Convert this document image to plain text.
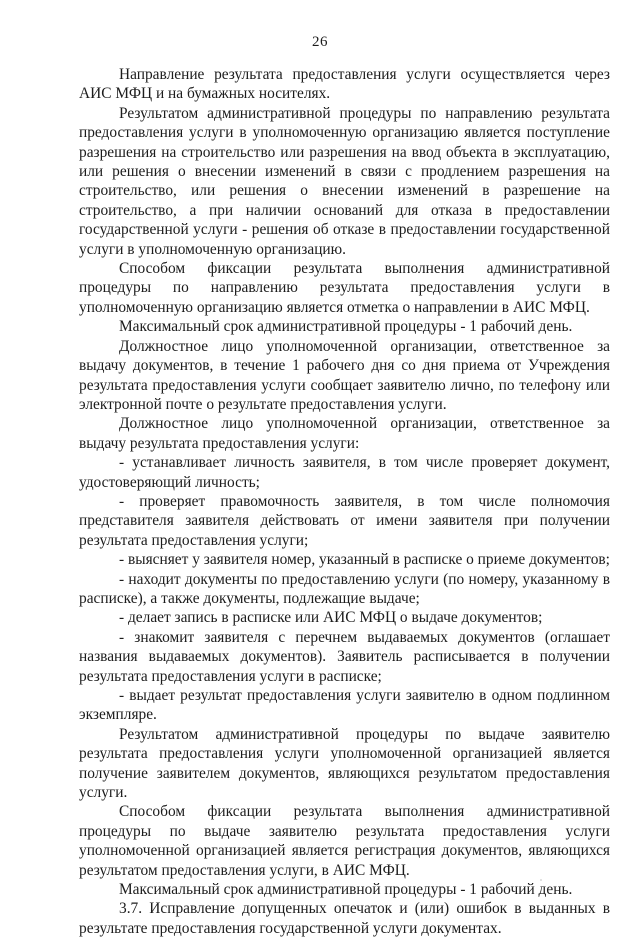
26

Направление результата предоставления услуги осуществляется через АИС МФЦ и на бумажных носителях.

Результатом административной процедуры по направлению результата предоставления услуги в уполномоченную организацию является поступление разрешения на строительство или разрешения на ввод объекта в эксплуатацию, или решения о внесении изменений в связи с продлением разрешения на строительство, или решения о внесении изменений в разрешение на строительство, а при наличии оснований для отказа в предоставлении государственной услуги - решения об отказе в предоставлении государственной услуги в уполномоченную организацию.

Способом фиксации результата выполнения административной процедуры по направлению результата предоставления услуги в уполномоченную организацию является отметка о направлении в АИС МФЦ.

Максимальный срок административной процедуры - 1 рабочий день.

Должностное лицо уполномоченной организации, ответственное за выдачу документов, в течение 1 рабочего дня со дня приема от Учреждения результата предоставления услуги сообщает заявителю лично, по телефону или электронной почте о результате предоставления услуги.

Должностное лицо уполномоченной организации, ответственное за выдачу результата предоставления услуги:

- устанавливает личность заявителя, в том числе проверяет документ, удостоверяющий личность;

- проверяет правомочность заявителя, в том числе полномочия представителя заявителя действовать от имени заявителя при получении результата предоставления услуги;

- выясняет у заявителя номер, указанный в расписке о приеме документов;

- находит документы по предоставлению услуги (по номеру, указанному в расписке), а также документы, подлежащие выдаче;

- делает запись в расписке или АИС МФЦ о выдаче документов;

- знакомит заявителя с перечнем выдаваемых документов (оглашает названия выдаваемых документов). Заявитель расписывается в получении результата предоставления услуги в расписке;

- выдает результат предоставления услуги заявителю в одном подлинном экземпляре.

Результатом административной процедуры по выдаче заявителю результата предоставления услуги уполномоченной организацией является получение заявителем документов, являющихся результатом предоставления услуги.

Способом фиксации результата выполнения административной процедуры по выдаче заявителю результата предоставления услуги уполномоченной организацией является регистрация документов, являющихся результатом предоставления услуги, в АИС МФЦ.

Максимальный срок административной процедуры - 1 рабочий день.

3.7. Исправление допущенных опечаток и (или) ошибок в выданных в результате предоставления государственной услуги документах.
